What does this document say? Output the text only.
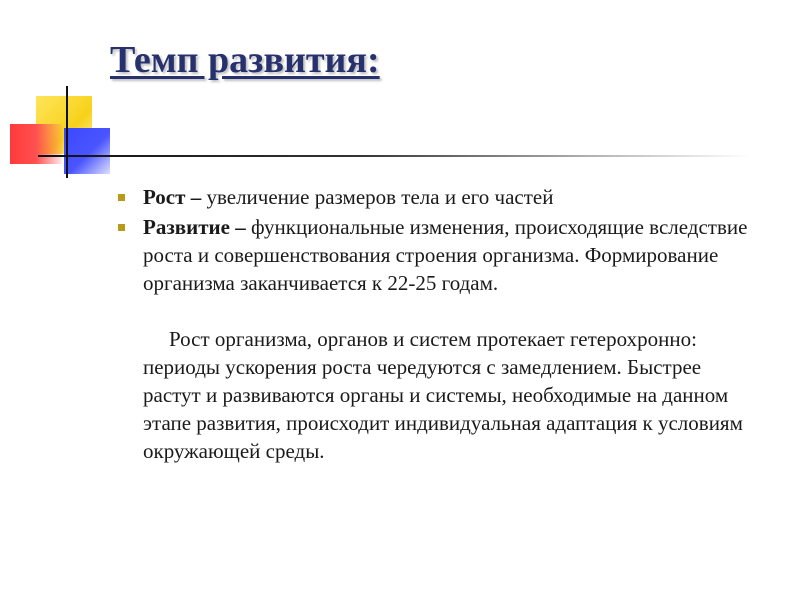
Темп развития:
Рост – увеличение размеров тела и его частей
Развитие – функциональные изменения, происходящие вследствие роста и совершенствования строения организма. Формирование организма заканчивается к 22-25 годам.
Рост организма, органов и систем протекает гетерохронно: периоды ускорения роста чередуются с замедлением. Быстрее растут и развиваются органы и системы, необходимые на данном этапе развития, происходит индивидуальная адаптация к условиям окружающей среды.
